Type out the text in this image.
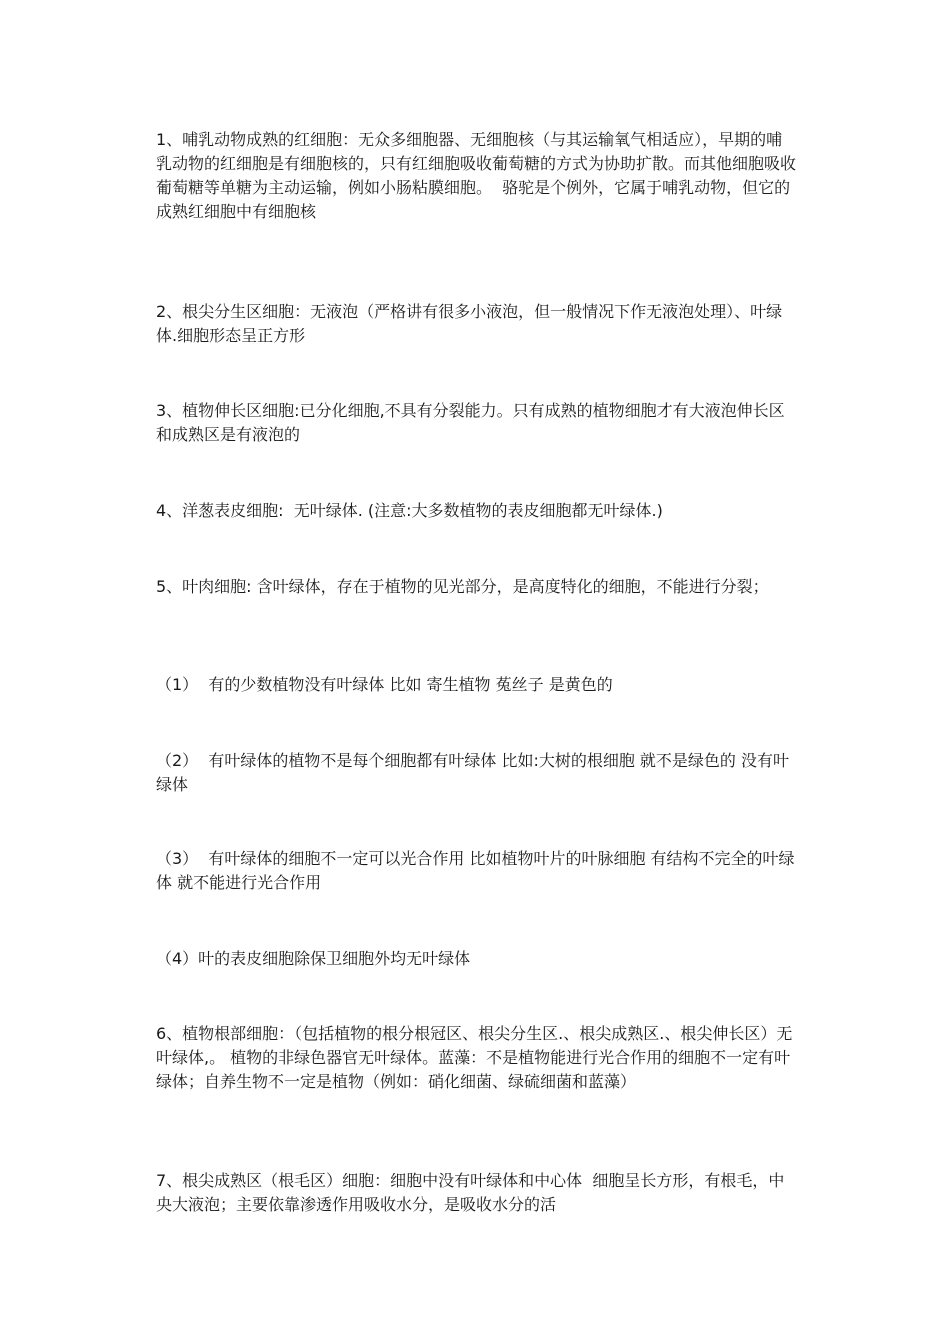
1、哺乳动物成熟的红细胞：无众多细胞器、无细胞核（与其运输氧气相适应），早期的哺乳动物的红细胞是有细胞核的，只有红细胞吸收葡萄糖的方式为协助扩散。而其他细胞吸收葡萄糖等单糖为主动运输，例如小肠粘膜细胞。  骆驼是个例外，它属于哺乳动物，但它的成熟红细胞中有细胞核

2、根尖分生区细胞：无液泡（严格讲有很多小液泡，但一般情况下作无液泡处理）、叶绿体.细胞形态呈正方形

3、植物伸长区细胞:已分化细胞,不具有分裂能力。只有成熟的植物细胞才有大液泡伸长区和成熟区是有液泡的

4、洋葱表皮细胞:  无叶绿体. (注意:大多数植物的表皮细胞都无叶绿体.)

5、叶肉细胞: 含叶绿体，存在于植物的见光部分，是高度特化的细胞，不能进行分裂；

（1）  有的少数植物没有叶绿体 比如 寄生植物 菟丝子 是黄色的

（2）  有叶绿体的植物不是每个细胞都有叶绿体 比如:大树的根细胞 就不是绿色的 没有叶绿体

（3）  有叶绿体的细胞不一定可以光合作用 比如植物叶片的叶脉细胞 有结构不完全的叶绿体 就不能进行光合作用

（4）叶的表皮细胞除保卫细胞外均无叶绿体

6、植物根部细胞：（包括植物的根分根冠区、根尖分生区.、根尖成熟区.、根尖伸长区）无叶绿体,。 植物的非绿色器官无叶绿体。蓝藻：不是植物能进行光合作用的细胞不一定有叶绿体；自养生物不一定是植物（例如：硝化细菌、绿硫细菌和蓝藻）

7、根尖成熟区（根毛区）细胞：细胞中没有叶绿体和中心体  细胞呈长方形，有根毛，中央大液泡；主要依靠渗透作用吸收水分，是吸收水分的活
